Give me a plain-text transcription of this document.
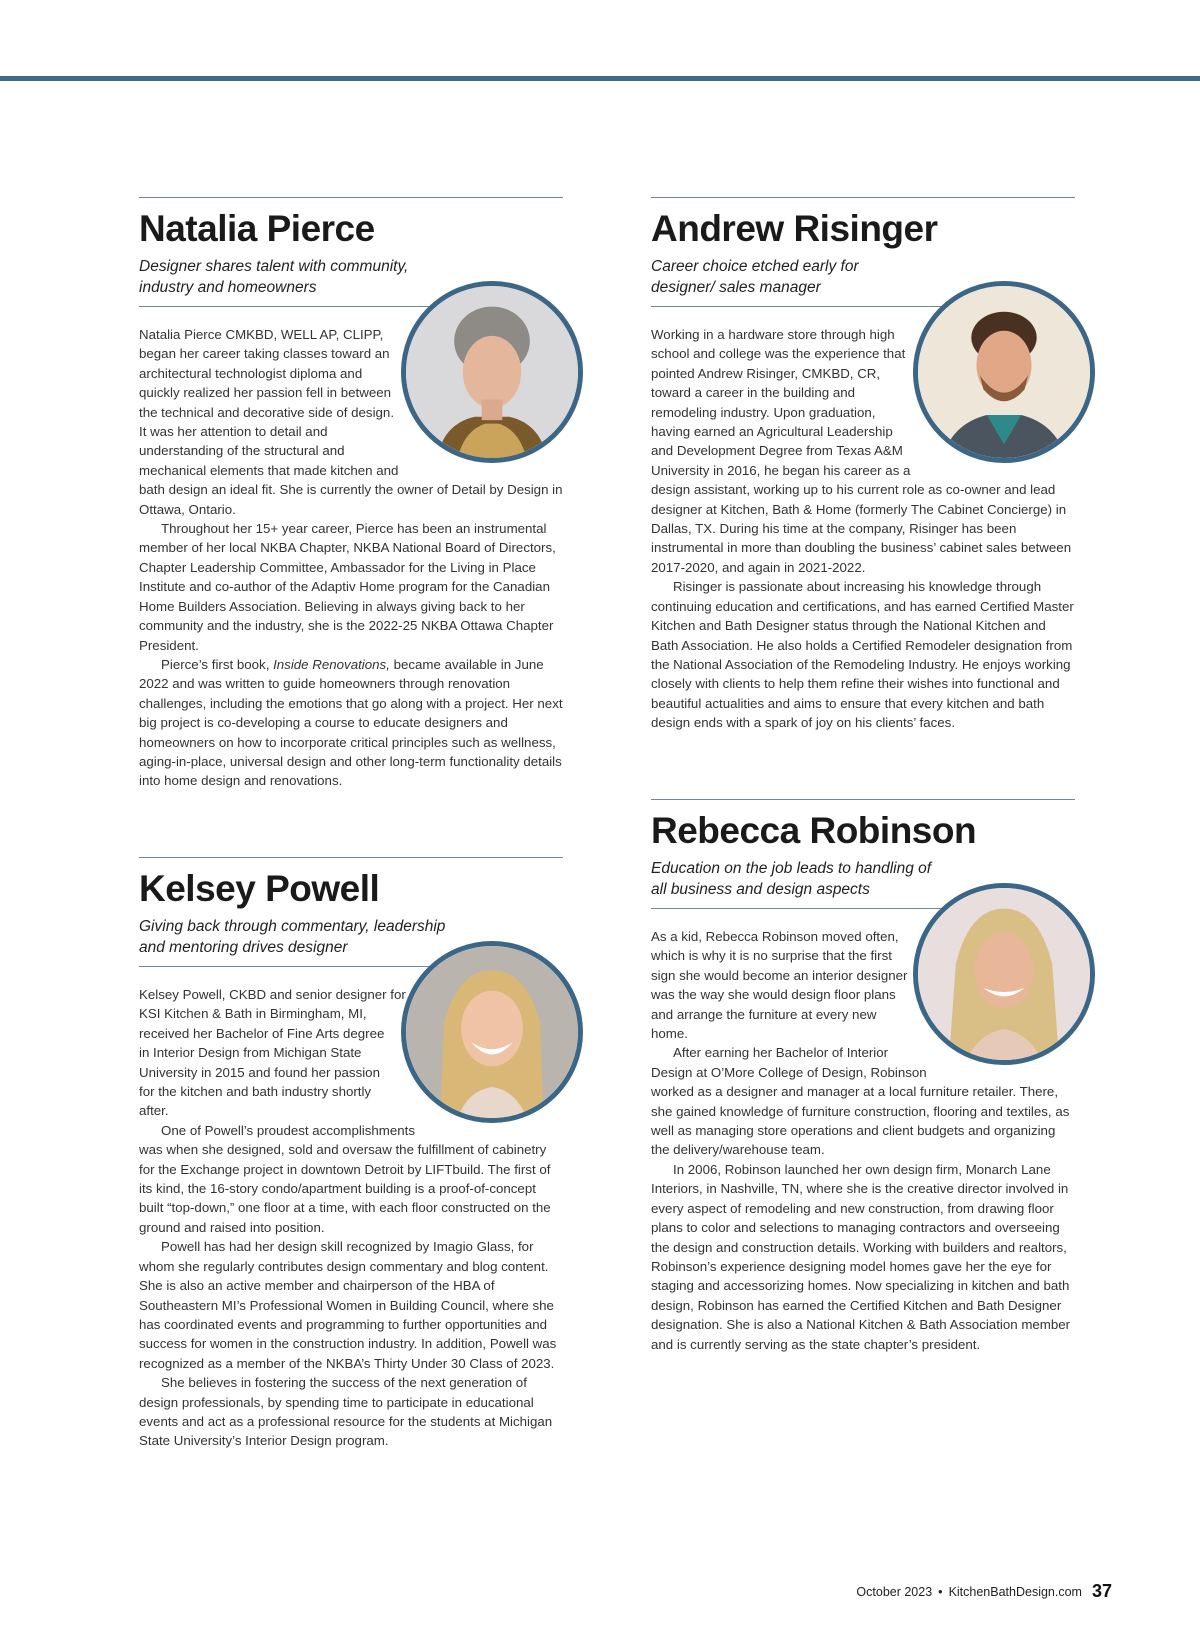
Natalia Pierce

Designer shares talent with community, industry and homeowners

Natalia Pierce CMKBD, WELL AP, CLIPP, began her career taking classes toward an architectural technologist diploma and quickly realized her passion fell in between the technical and decorative side of design. It was her attention to detail and understanding of the structural and mechanical elements that made kitchen and bath design an ideal fit. She is currently the owner of Detail by Design in Ottawa, Ontario.

Throughout her 15+ year career, Pierce has been an instrumental member of her local NKBA Chapter, NKBA National Board of Directors, Chapter Leadership Committee, Ambassador for the Living in Place Institute and co-author of the Adaptiv Home program for the Canadian Home Builders Association. Believing in always giving back to her community and the industry, she is the 2022-25 NKBA Ottawa Chapter President.

Pierce’s first book, Inside Renovations, became available in June 2022 and was written to guide homeowners through renovation challenges, including the emotions that go along with a project. Her next big project is co-developing a course to educate designers and homeowners on how to incorporate critical principles such as wellness, aging-in-place, universal design and other long-term functionality details into home design and renovations.

Andrew Risinger

Career choice etched early for designer/ sales manager

Working in a hardware store through high school and college was the experience that pointed Andrew Risinger, CMKBD, CR, toward a career in the building and remodeling industry. Upon graduation, having earned an Agricultural Leadership and Development Degree from Texas A&M University in 2016, he began his career as a design assistant, working up to his current role as co-owner and lead designer at Kitchen, Bath & Home (formerly The Cabinet Concierge) in Dallas, TX. During his time at the company, Risinger has been instrumental in more than doubling the business’ cabinet sales between 2017-2020, and again in 2021-2022.

Risinger is passionate about increasing his knowledge through continuing education and certifications, and has earned Certified Master Kitchen and Bath Designer status through the National Kitchen and Bath Association. He also holds a Certified Remodeler designation from the National Association of the Remodeling Industry. He enjoys working closely with clients to help them refine their wishes into functional and beautiful actualities and aims to ensure that every kitchen and bath design ends with a spark of joy on his clients’ faces.

Kelsey Powell

Giving back through commentary, leadership and mentoring drives designer

Kelsey Powell, CKBD and senior designer for KSI Kitchen & Bath in Birmingham, MI, received her Bachelor of Fine Arts degree in Interior Design from Michigan State University in 2015 and found her passion for the kitchen and bath industry shortly after.

One of Powell’s proudest accomplishments was when she designed, sold and oversaw the fulfillment of cabinetry for the Exchange project in downtown Detroit by LIFTbuild. The first of its kind, the 16-story condo/apartment building is a proof-of-concept built “top-down,” one floor at a time, with each floor constructed on the ground and raised into position.

Powell has had her design skill recognized by Imagio Glass, for whom she regularly contributes design commentary and blog content. She is also an active member and chairperson of the HBA of Southeastern MI’s Professional Women in Building Council, where she has coordinated events and programming to further opportunities and success for women in the construction industry. In addition, Powell was recognized as a member of the NKBA’s Thirty Under 30 Class of 2023.

She believes in fostering the success of the next generation of design professionals, by spending time to participate in educational events and act as a professional resource for the students at Michigan State University’s Interior Design program.

Rebecca Robinson

Education on the job leads to handling of all business and design aspects

As a kid, Rebecca Robinson moved often, which is why it is no surprise that the first sign she would become an interior designer was the way she would design floor plans and arrange the furniture at every new home.

After earning her Bachelor of Interior Design at O’More College of Design, Robinson worked as a designer and manager at a local furniture retailer. There, she gained knowledge of furniture construction, flooring and textiles, as well as managing store operations and client budgets and organizing the delivery/warehouse team.

In 2006, Robinson launched her own design firm, Monarch Lane Interiors, in Nashville, TN, where she is the creative director involved in every aspect of remodeling and new construction, from drawing floor plans to color and selections to managing contractors and overseeing the design and construction details. Working with builders and realtors, Robinson’s experience designing model homes gave her the eye for staging and accessorizing homes. Now specializing in kitchen and bath design, Robinson has earned the Certified Kitchen and Bath Designer designation. She is also a National Kitchen & Bath Association member and is currently serving as the state chapter’s president.

October 2023 • KitchenBathDesign.com 37
